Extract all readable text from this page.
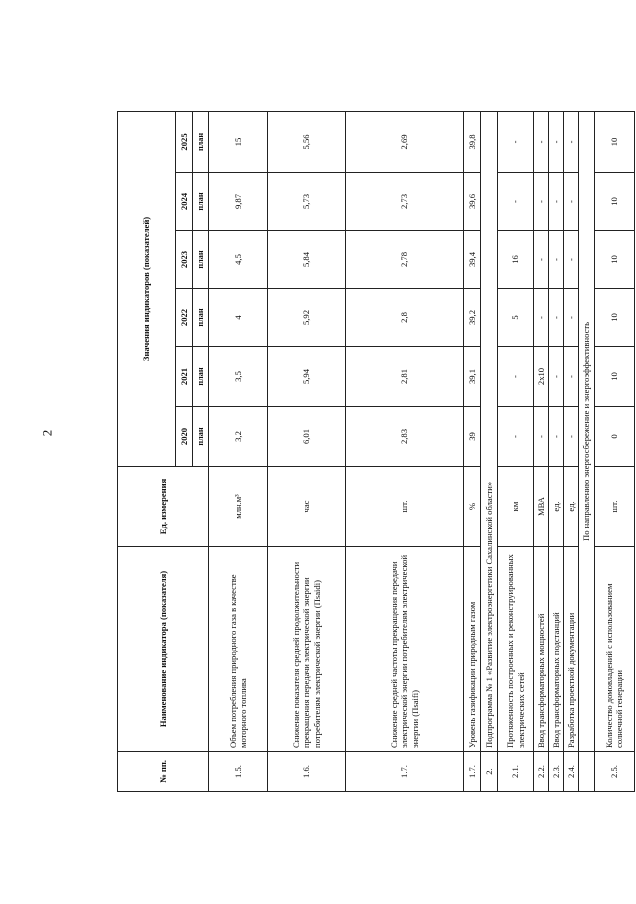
2
№ пп.	Наименование индикатора (показателя)	Ед. измерения	Значения индикаторов (показателей)					
			2020	2021	2022	2023	2024	2025
			план	план	план	план	план	план
1.5.	Объем потребления природного газа в качестве моторного топлива	млн.м³	3,2	3,5	4	4,5	9,87	15
1.6.	Снижение показателя средней продолжительности прекращения передачи электрической энергии потребителям электрической энергии (Пsaidi)	час	6,01	5,94	5,92	5,84	5,73	5,56
1.7.	Снижение средней частоты прекращения передачи электрической энергии потребителям электрической энергии (Пsaifi)	шт.	2,83	2,81	2,8	2,78	2,73	2,69
1.7.	Уровень газификации природным газом	%	39	39,1	39,2	39,4	39,6	39,8
2.	Подпрограмма № 1 «Развитие электроэнергетики Сахалинской области»							
2.1.	Протяженность построенных и реконструированных электрических сетей	км	-	-	5	16	-	-
2.2.	Ввод трансформаторных мощностей	МВА	-	2х10	-	-	-	-
2.3.	Ввод трансформаторных подстанций	ед.	-	-	-	-	-	-
2.4.	Разработка проектной документации	ед.	-	-	-	-	-	-
	По направлению энергосбережение и энергоэффективность							
2.5.	Количество домовладений с использованием солнечной генерации	шт.	0	10	10	10	10	10
